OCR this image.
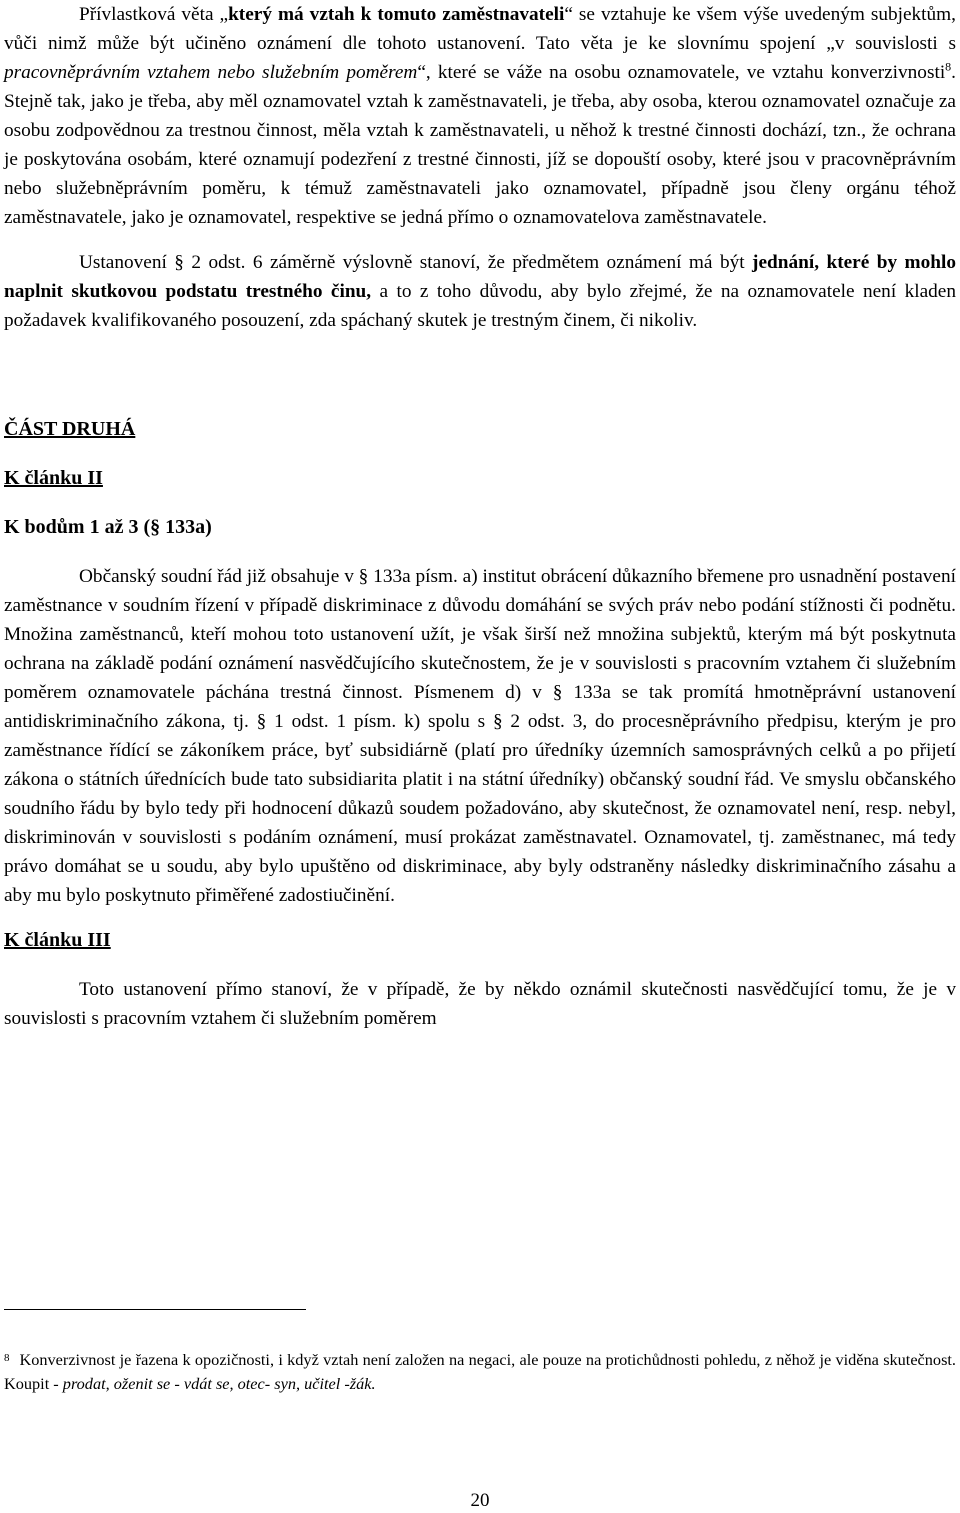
Přívlastková věta „který má vztah k tomuto zaměstnavateli“ se vztahuje ke všem výše uvedeným subjektům, vůči nimž může být učiněno oznámení dle tohoto ustanovení. Tato věta je ke slovnímu spojení „v souvislosti s pracovněprávním vztahem nebo služebním poměrem“, které se váže na osobu oznamovatele, ve vztahu konverzivnosti$^8$. Stejně tak, jako je třeba, aby měl oznamovatel vztah k zaměstnavateli, je třeba, aby osoba, kterou oznamovatel označuje za osobu zodpovědnou za trestnou činnost, měla vztah k zaměstnavateli, u něhož k trestné činnosti dochází, tzn., že ochrana je poskytována osobám, které oznamují podezření z trestné činnosti, jíž se dopouští osoby, které jsou v pracovněprávním nebo služebněprávním poměru, k témuž zaměstnavateli jako oznamovatel, případně jsou členy orgánu téhož zaměstnavatele, jako je oznamovatel, respektive se jedná přímo o oznamovatelova zaměstnavatele.

Ustanovení § 2 odst. 6 záměrně výslovně stanoví, že předmětem oznámení má být jednání, které by mohlo naplnit skutkovou podstatu trestného činu, a to z toho důvodu, aby bylo zřejmé, že na oznamovatele není kladen požadavek kvalifikovaného posouzení, zda spáchaný skutek je trestným činem, či nikoliv.

ČÁST DRUHÁ
K článku II
K bodům 1 až 3 (§ 133a)

Občanský soudní řád již obsahuje v § 133a písm. a) institut obrácení důkazního břemene pro usnadnění postavení zaměstnance v soudním řízení v případě diskriminace z důvodu domáhání se svých práv nebo podání stížnosti či podnětu. Množina zaměstnanců, kteří mohou toto ustanovení užít, je však širší než množina subjektů, kterým má být poskytnuta ochrana na základě podání oznámení nasvědčujícího skutečnostem, že je v souvislosti s pracovním vztahem či služebním poměrem oznamovatele páchána trestná činnost. Písmenem d) v § 133a se tak promítá hmotněprávní ustanovení antidiskriminačního zákona, tj. § 1 odst. 1 písm. k) spolu s § 2 odst. 3, do procesněprávního předpisu, kterým je pro zaměstnance řídící se zákoníkem práce, byť subsidiárně (platí pro úředníky územních samosprávných celků a po přijetí zákona o státních úřednících bude tato subsidiarita platit i na státní úředníky) občanský soudní řád. Ve smyslu občanského soudního řádu by bylo tedy při hodnocení důkazů soudem požadováno, aby skutečnost, že oznamovatel není, resp. nebyl, diskriminován v souvislosti s podáním oznámení, musí prokázat zaměstnavatel. Oznamovatel, tj. zaměstnanec, má tedy právo domáhat se u soudu, aby bylo upuštěno od diskriminace, aby byly odstraněny následky diskriminačního zásahu a aby mu bylo poskytnuto přiměřené zadostiučinění.

K článku III

Toto ustanovení přímo stanoví, že v případě, že by někdo oznámil skutečnosti nasvědčující tomu, že je v souvislosti s pracovním vztahem či služebním poměrem

$^8$ Konverzivnost je řazena k opozičnosti, i když vztah není založen na negaci, ale pouze na protichůdnosti pohledu, z něhož je viděna skutečnost. Koupit - prodat, oženit se - vdát se, otec- syn, učitel -žák.
20
